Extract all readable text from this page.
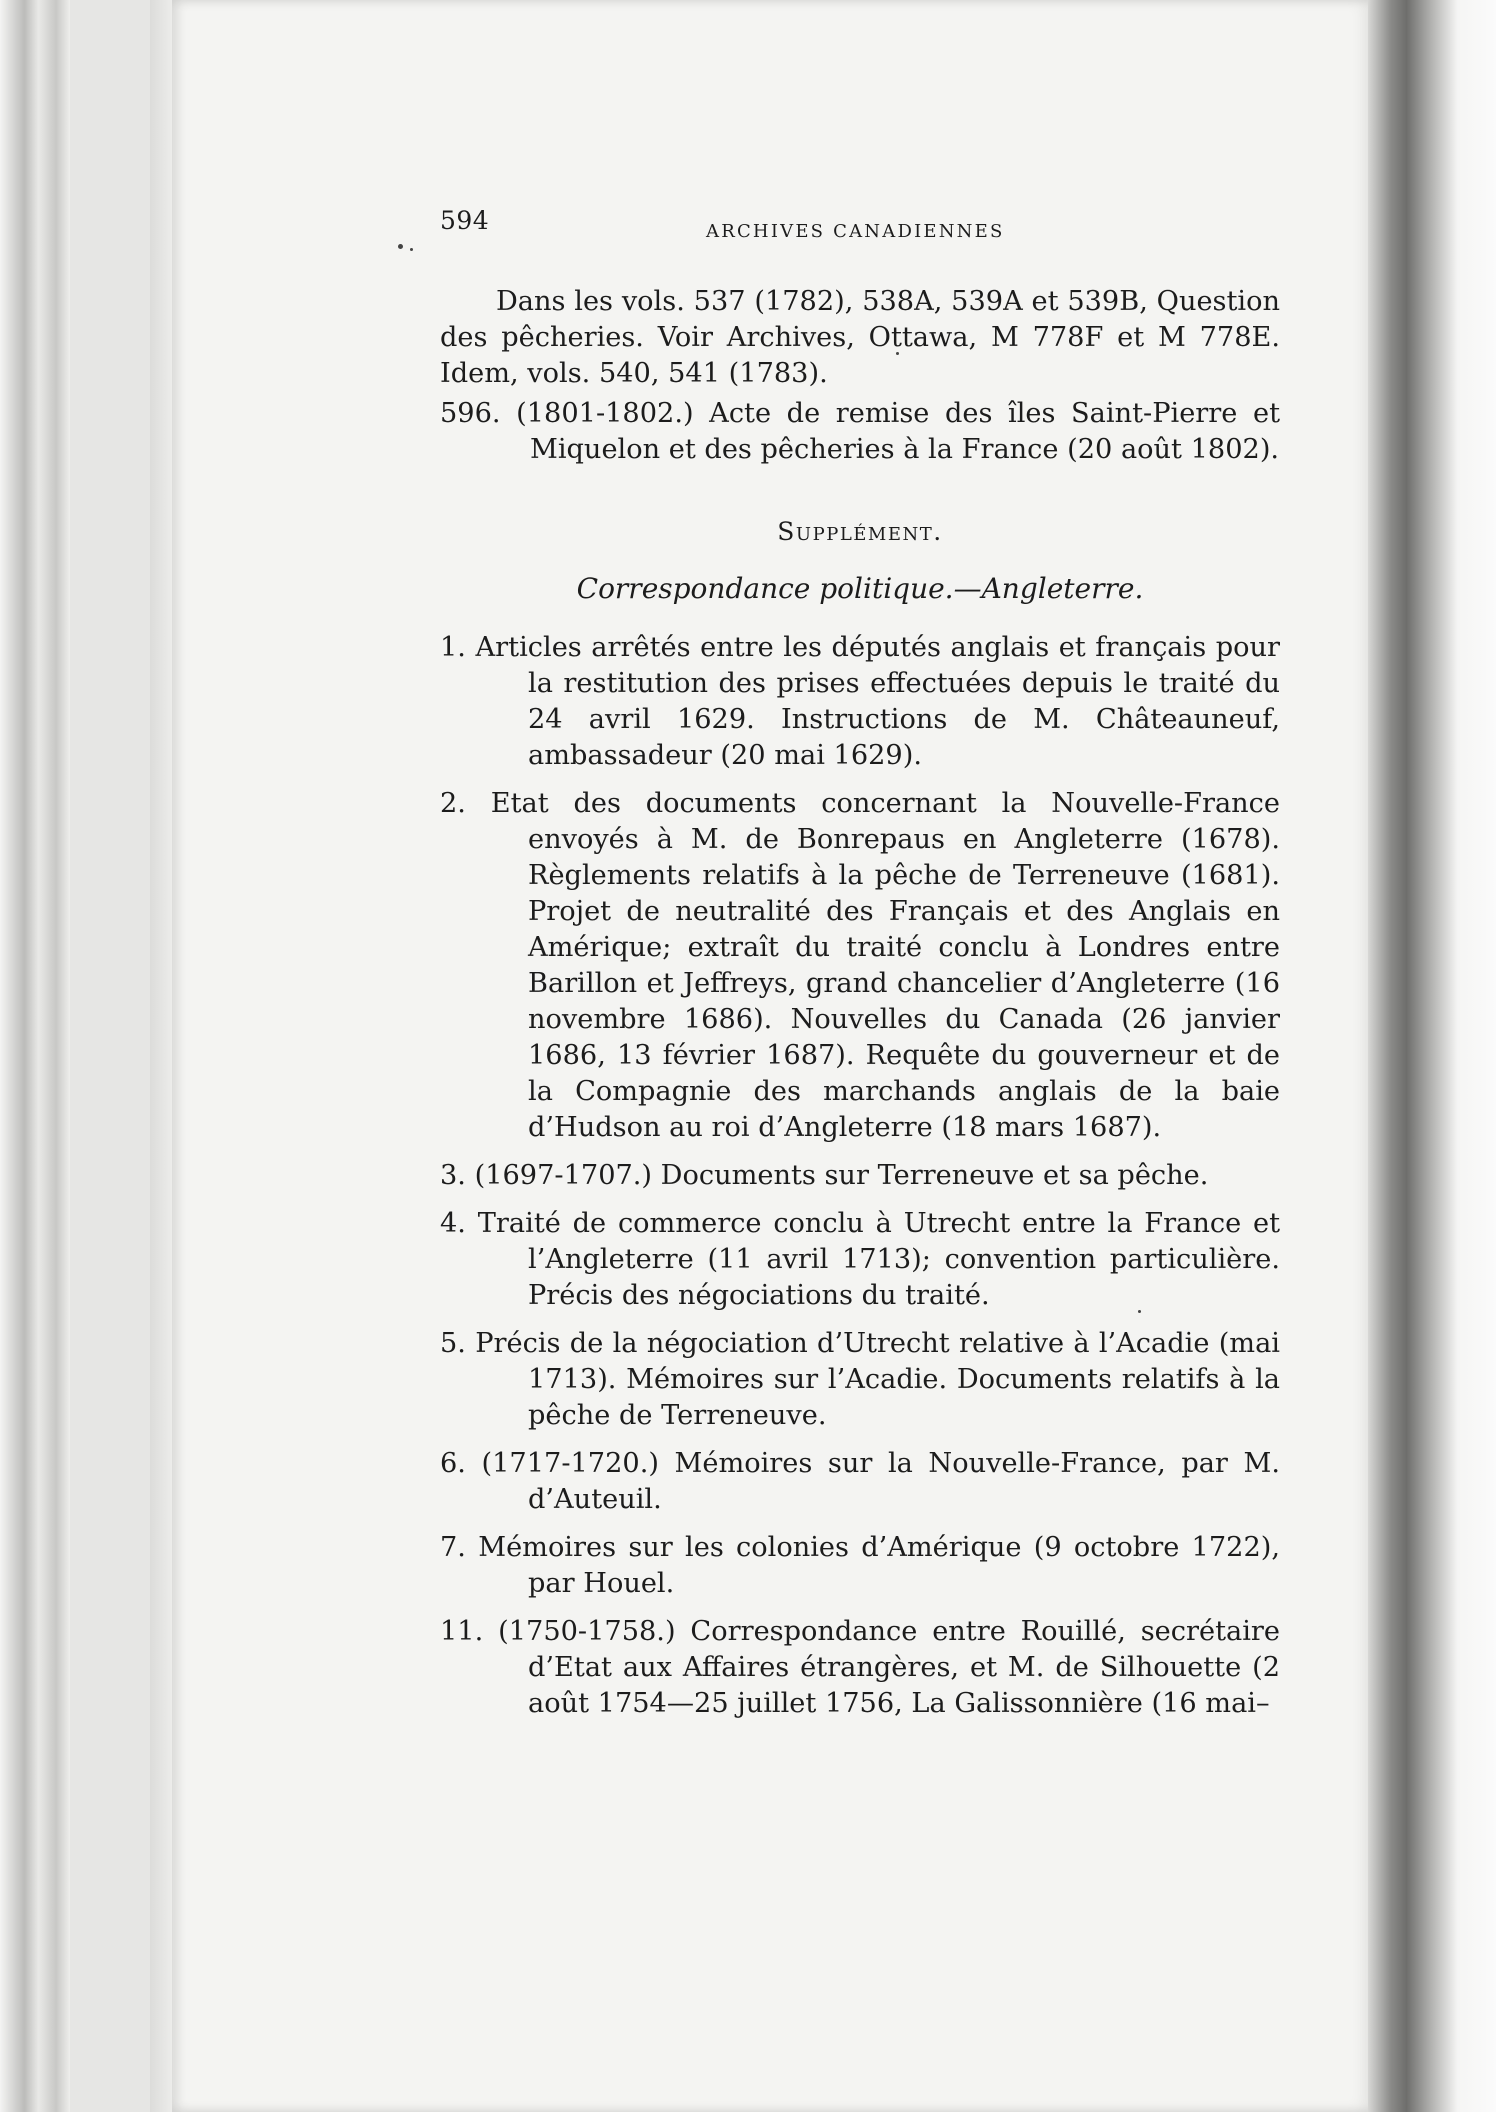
594	ARCHIVES CANADIENNES

Dans les vols. 537 (1782), 538A, 539A et 539B, Question des pêcheries. Voir Archives, Ottawa, M 778F et M 778E. Idem, vols. 540, 541 (1783).

596. (1801-1802.) Acte de remise des îles Saint-Pierre et Miquelon et des pêcheries à la France (20 août 1802).

Supplément.
Correspondance politique.—Angleterre.

1. Articles arrêtés entre les députés anglais et français pour la restitution des prises effectuées depuis le traité du 24 avril 1629. Instructions de M. Châteauneuf, ambassadeur (20 mai 1629).

2. Etat des documents concernant la Nouvelle-France envoyés à M. de Bonrepaus en Angleterre (1678). Règlements relatifs à la pêche de Terreneuve (1681). Projet de neutralité des Français et des Anglais en Amérique; extraît du traité conclu à Londres entre Barillon et Jeffreys, grand chancelier d’Angleterre (16 novembre 1686). Nouvelles du Canada (26 janvier 1686, 13 février 1687). Requête du gouverneur et de la Compagnie des marchands anglais de la baie d’Hudson au roi d’Angleterre (18 mars 1687).

3. (1697-1707.) Documents sur Terreneuve et sa pêche.

4. Traité de commerce conclu à Utrecht entre la France et l’Angleterre (11 avril 1713); convention particulière. Précis des négociations du traité.

5. Précis de la négociation d’Utrecht relative à l’Acadie (mai 1713). Mémoires sur l’Acadie. Documents relatifs à la pêche de Terreneuve.

6. (1717-1720.) Mémoires sur la Nouvelle-France, par M. d’Auteuil.

7. Mémoires sur les colonies d’Amérique (9 octobre 1722), par Houel.

11. (1750-1758.) Correspondance entre Rouillé, secrétaire d’Etat aux Affaires étrangères, et M. de Silhouette (2 août 1754—25 juillet 1756, La Galissonnière (16 mai–
